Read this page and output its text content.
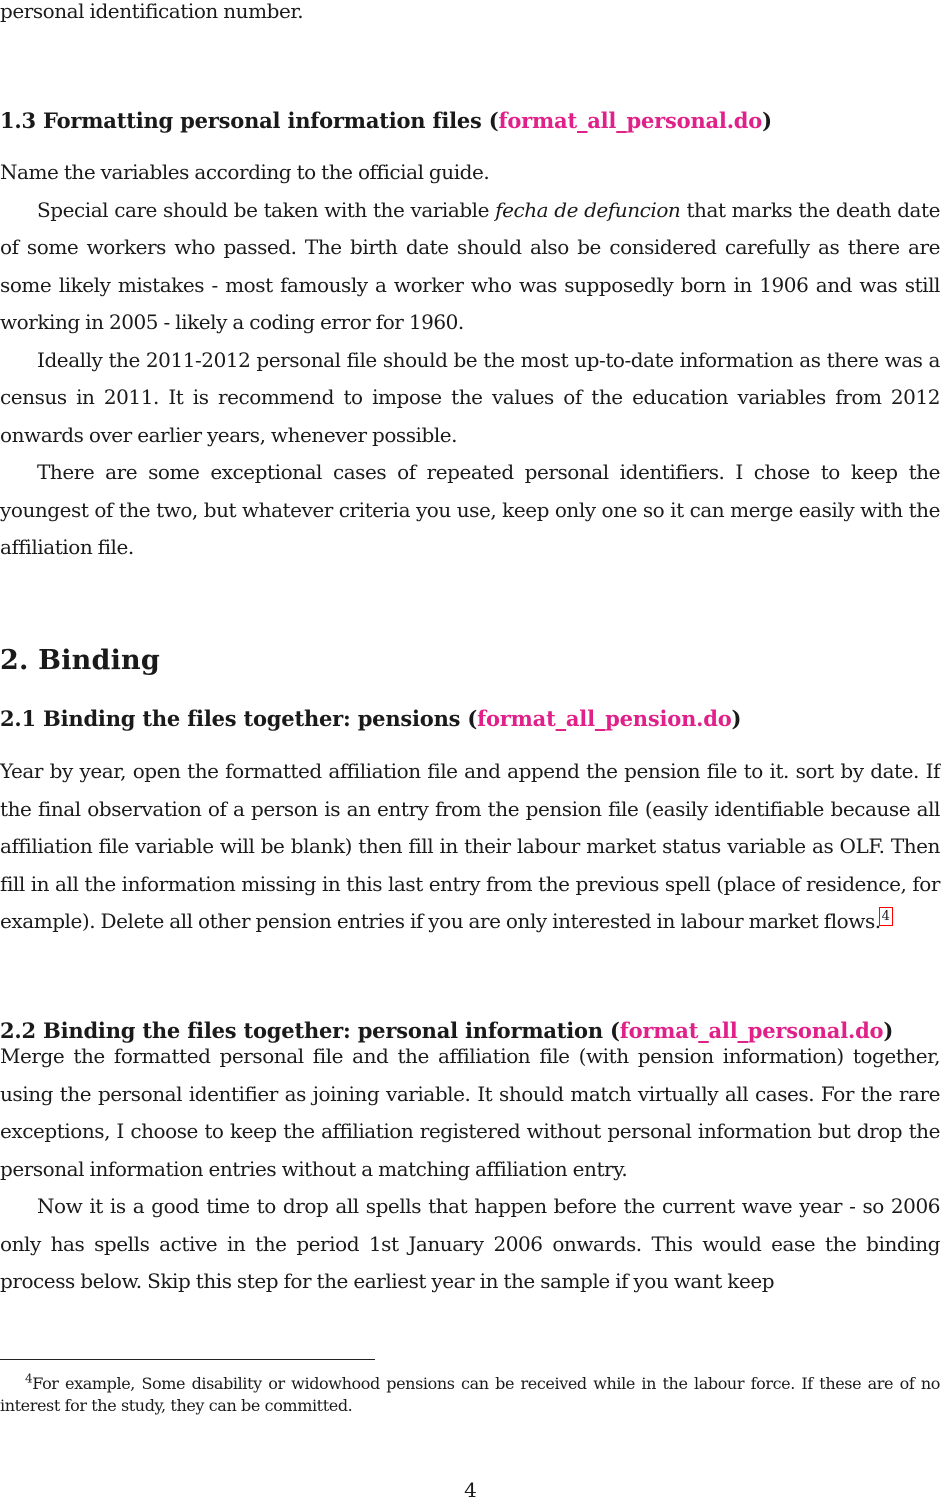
personal identification number.

1.3 Formatting personal information files (format_all_personal.do)

Name the variables according to the official guide.

Special care should be taken with the variable fecha de defuncion that marks the death date of some workers who passed. The birth date should also be considered carefully as there are some likely mistakes - most famously a worker who was supposedly born in 1906 and was still working in 2005 - likely a coding error for 1960.

Ideally the 2011-2012 personal file should be the most up-to-date information as there was a census in 2011. It is recommend to impose the values of the education variables from 2012 onwards over earlier years, whenever possible.

There are some exceptional cases of repeated personal identifiers. I chose to keep the youngest of the two, but whatever criteria you use, keep only one so it can merge easily with the affiliation file.

2. Binding
2.1 Binding the files together: pensions (format_all_pension.do)

Year by year, open the formatted affiliation file and append the pension file to it. sort by date. If the final observation of a person is an entry from the pension file (easily identifiable because all affiliation file variable will be blank) then fill in their labour market status variable as OLF. Then fill in all the information missing in this last entry from the previous spell (place of residence, for example). Delete all other pension entries if you are only interested in labour market flows.$^4$

2.2 Binding the files together: personal information (format_all_personal.do)

Merge the formatted personal file and the affiliation file (with pension information) together, using the personal identifier as joining variable. It should match virtually all cases. For the rare exceptions, I choose to keep the affiliation registered without personal information but drop the personal information entries without a matching affiliation entry.

Now it is a good time to drop all spells that happen before the current wave year - so 2006 only has spells active in the period 1st January 2006 onwards. This would ease the binding process below. Skip this step for the earliest year in the sample if you want keep

$^4$For example, Some disability or widowhood pensions can be received while in the labour force. If these are of no interest for the study, they can be committed.

4
